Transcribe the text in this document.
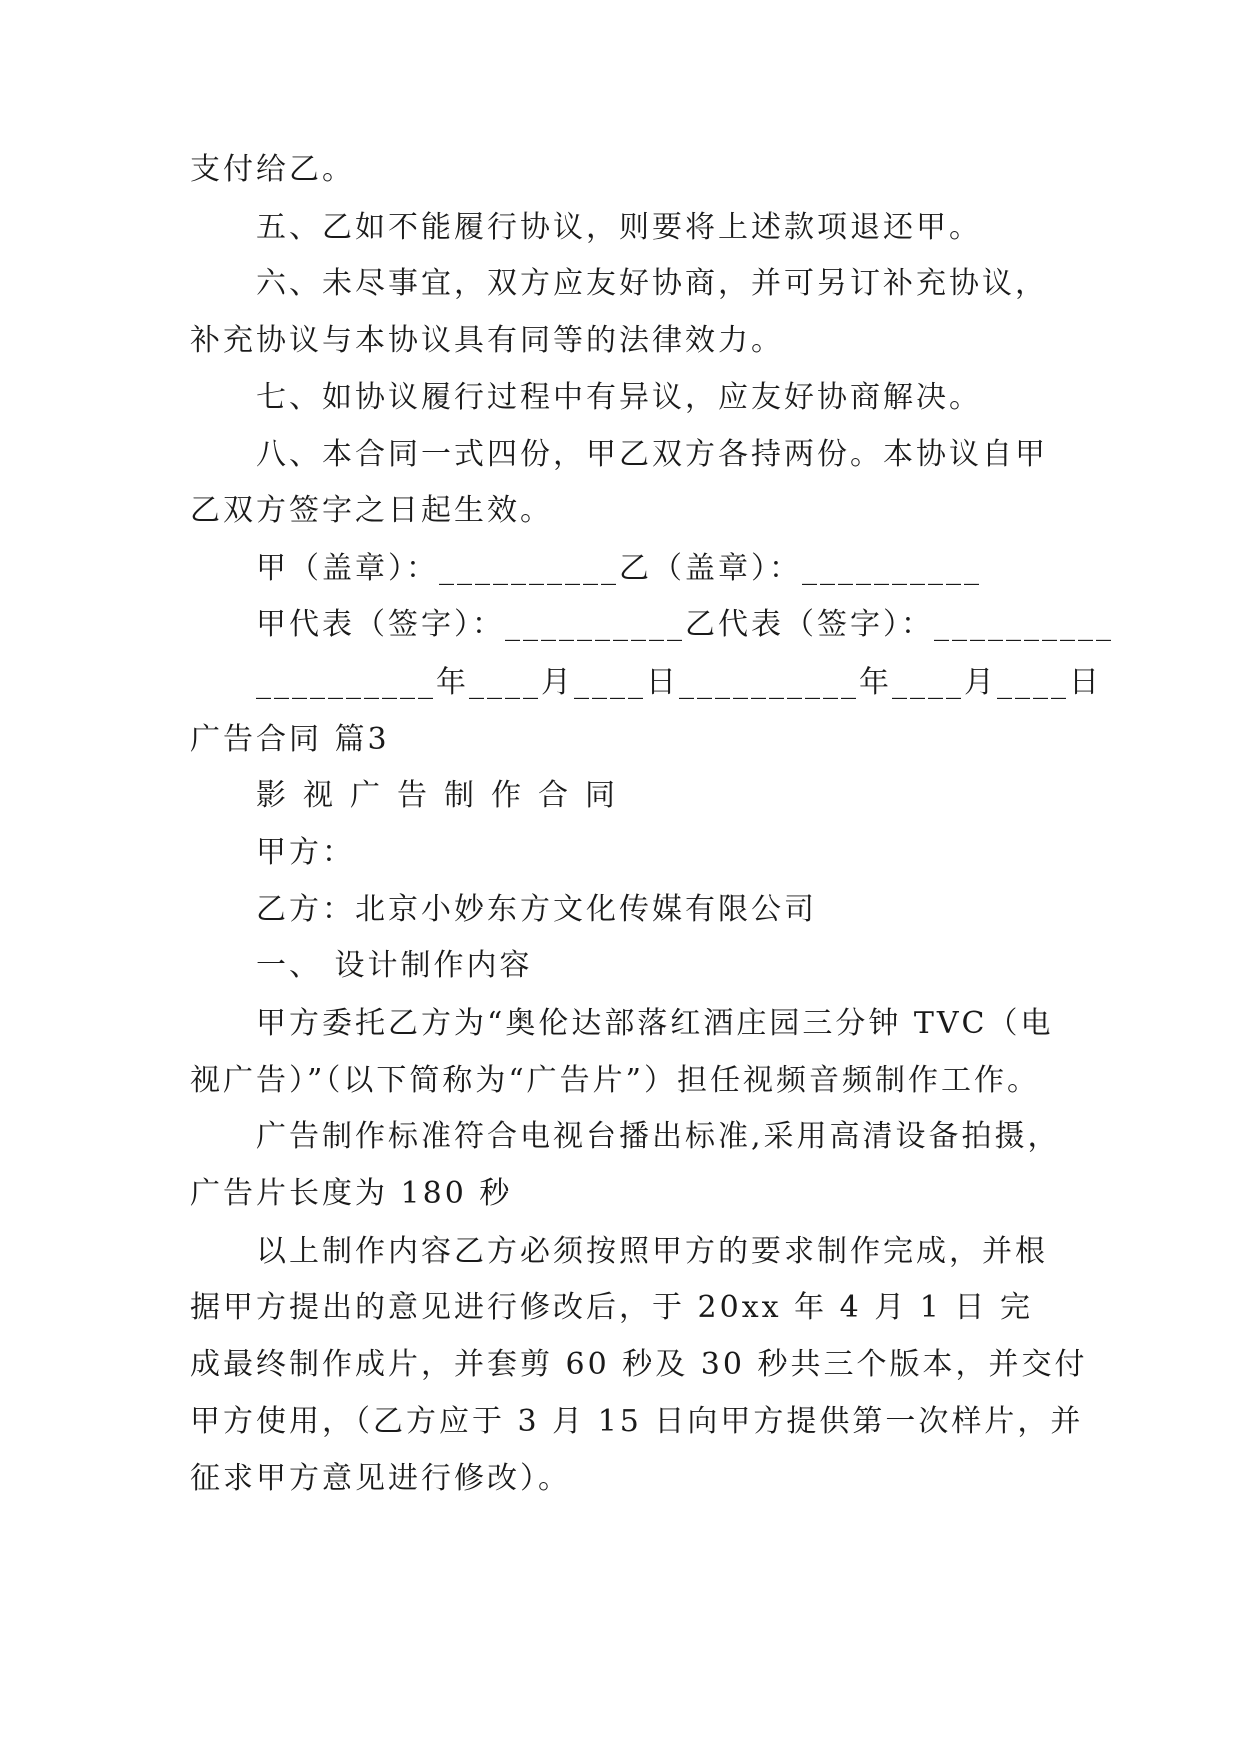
支付给乙。
五、乙如不能履行协议，则要将上述款项退还甲。
六、未尽事宜，双方应友好协商，并可另订补充协议，
补充协议与本协议具有同等的法律效力。
七、如协议履行过程中有异议，应友好协商解决。
八、本合同一式四份，甲乙双方各持两份。本协议自甲
乙双方签字之日起生效。
甲（盖章）：__________乙（盖章）：__________
甲代表（签字）：__________乙代表（签字）：__________
__________年____月____日__________年____月____日
广告合同 篇3
影视广告制作合同
甲方：
乙方：北京小妙东方文化传媒有限公司
一、 设计制作内容
甲方委托乙方为“奥伦达部落红酒庄园三分钟 TVC（电
视广告）”（以下简称为“广告片”）担任视频音频制作工作。
广告制作标准符合电视台播出标准,采用高清设备拍摄，
广告片长度为 180 秒
以上制作内容乙方必须按照甲方的要求制作完成，并根
据甲方提出的意见进行修改后，于 20xx 年 4 月 1 日 完
成最终制作成片，并套剪 60 秒及 30 秒共三个版本，并交付
甲方使用，（乙方应于 3 月 15 日向甲方提供第一次样片，并
征求甲方意见进行修改）。
